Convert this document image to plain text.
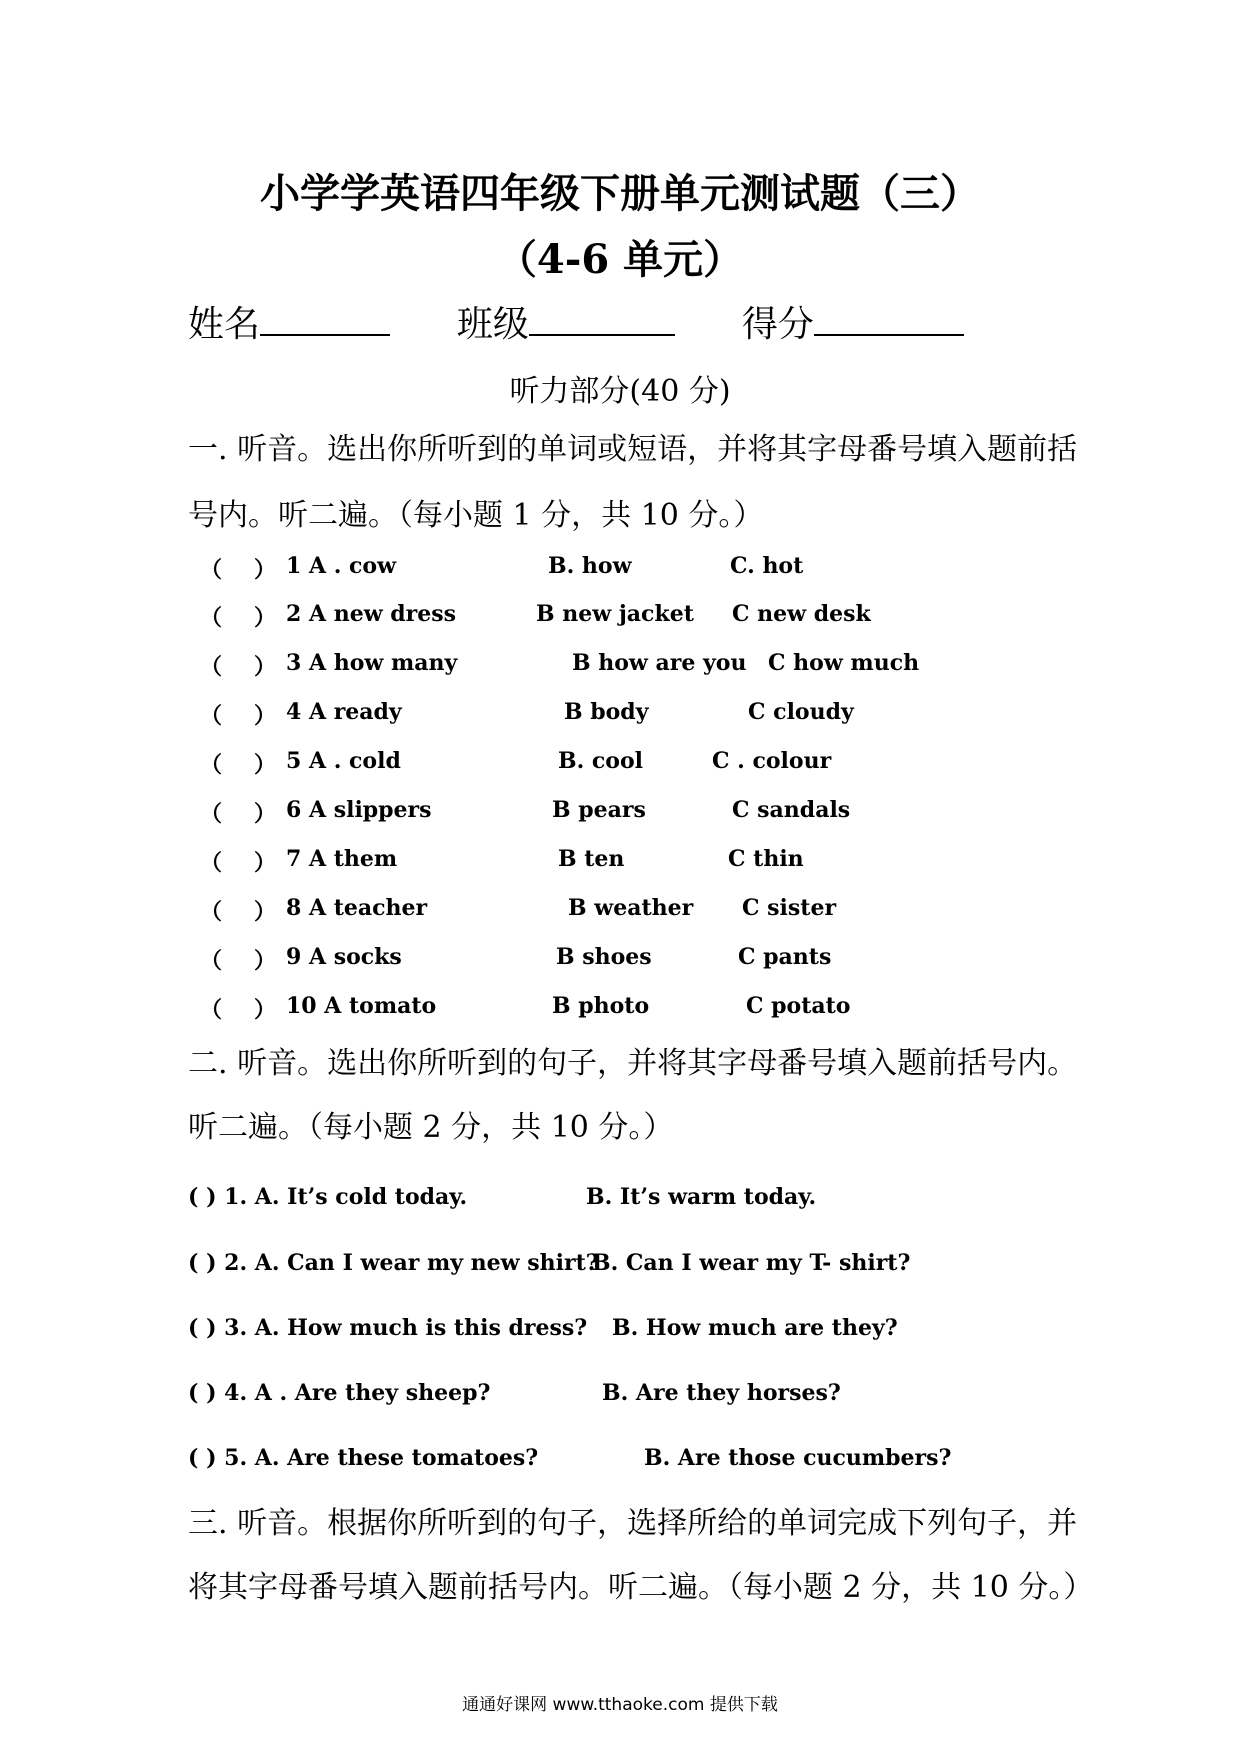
小学学英语四年级下册单元测试题（三）
（4-6 单元）
姓名	班级	得分
听力部分(40 分)
一. 听音。选出你所听到的单词或短语，并将其字母番号填入题前括
号内。听二遍。（每小题 1 分，共 10 分。）
（ ） 1 A . cow	B. how	C. hot
（ ） 2 A new dress	B new jacket C new desk
（ ） 3 A how many	B how are you C how much
（ ） 4 A ready	B body	C cloudy
（ ） 5 A . cold	B. cool	C . colour
（ ） 6 A slippers	B pears	C sandals
（ ） 7 A them	B ten	C thin
（ ） 8 A teacher	B weather C sister
（ ） 9 A socks	B shoes	C pants
（ ） 10 A tomato	B photo	C potato
二. 听音。选出你所听到的句子，并将其字母番号填入题前括号内。
听二遍。（每小题 2 分，共 10 分。）
( ) 1. A. It’s cold today.	B. It’s warm today.
( ) 2. A. Can I wear my new shirt?
B. Can I wear my T- shirt?
( ) 3. A. How much is this dress? B. How much are they?
( ) 4. A . Are they sheep?	B. Are they horses?
( ) 5. A. Are these tomatoes?	B. Are those cucumbers?
三. 听音。根据你所听到的句子，选择所给的单词完成下列句子，并
将其字母番号填入题前括号内。听二遍。（每小题 2 分，共 10 分。）
通通好课网 www.tthaoke.com 提供下载
